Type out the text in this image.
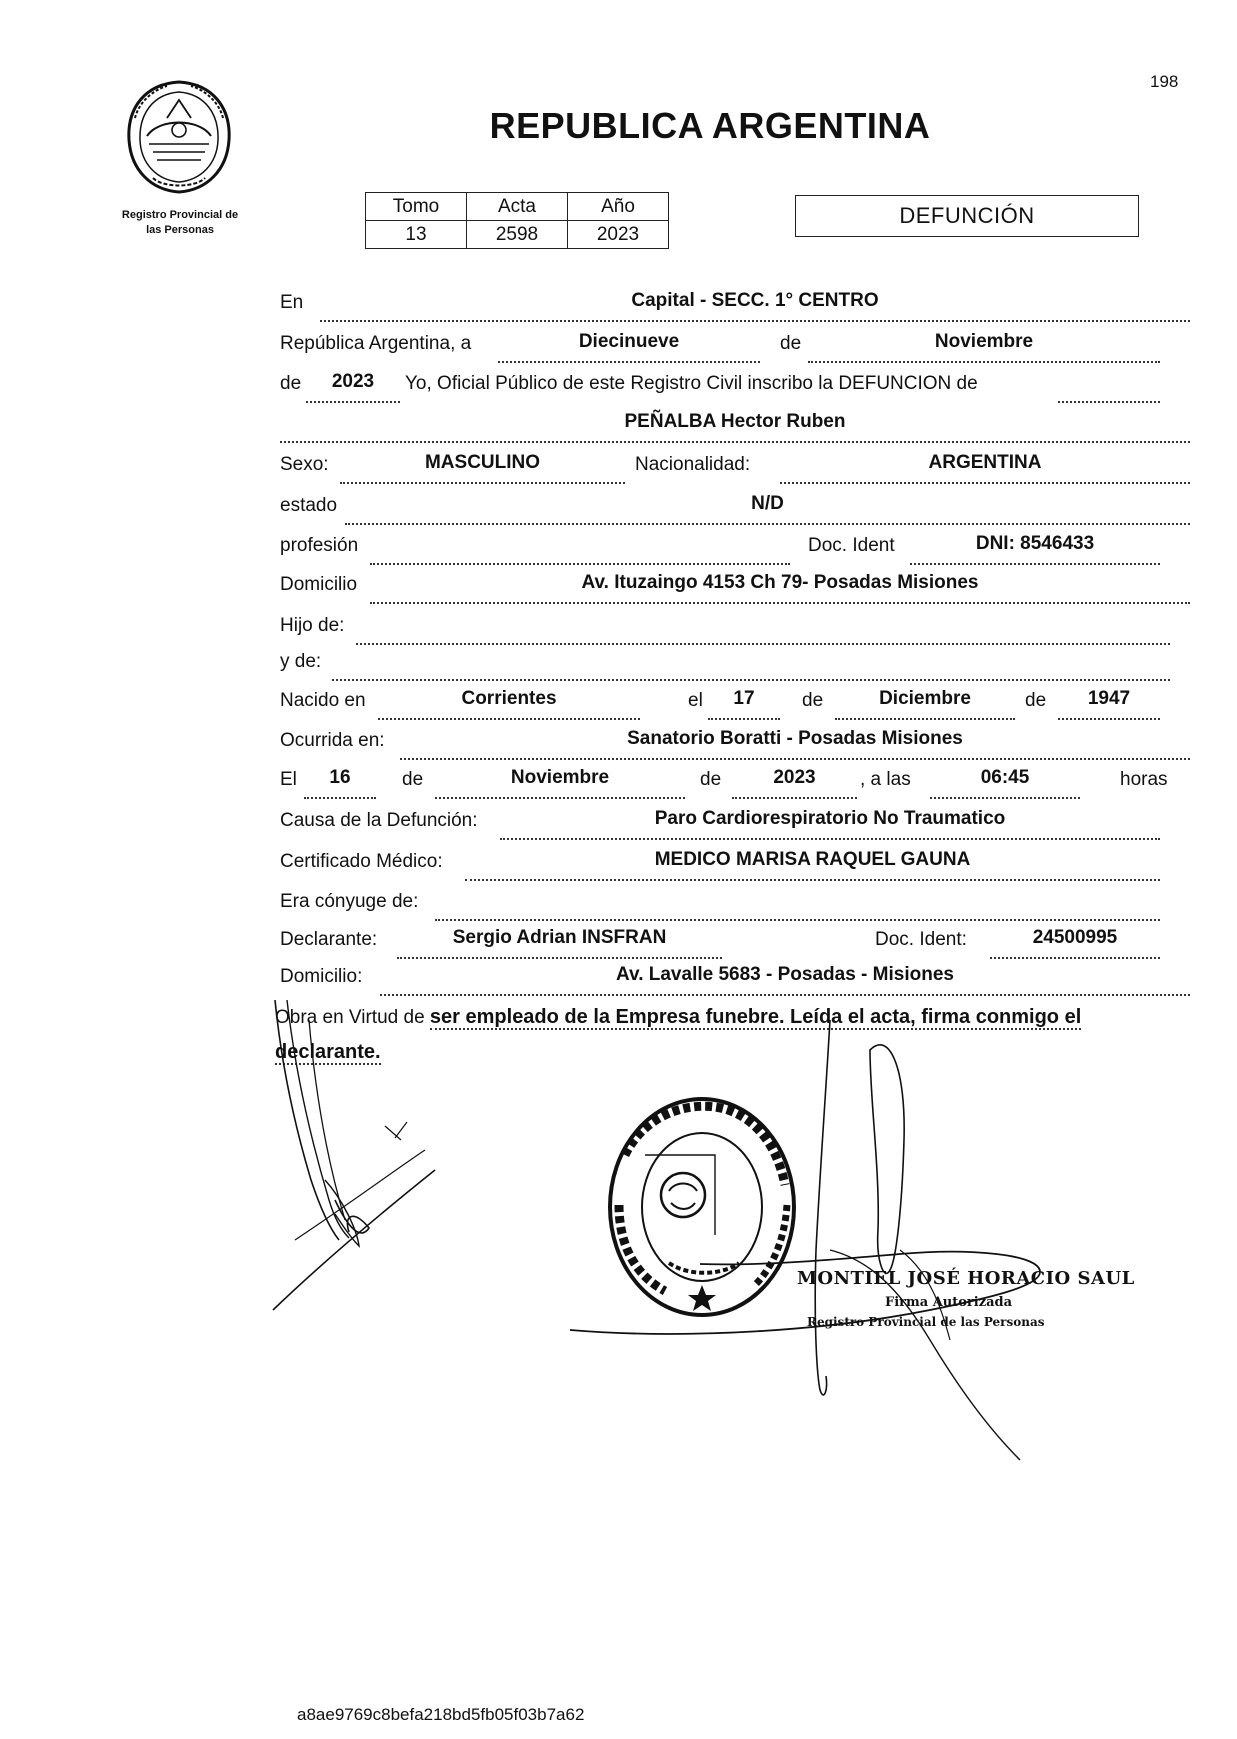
198
Registro Provincial de
las Personas
REPUBLICA ARGENTINA
Tomo	Acta	Año
13	2598	2023
DEFUNCIÓN
En	Capital - SECC. 1° CENTRO
República Argentina, a	Diecinueve	de	Noviembre
de	2023	Yo, Oficial Público de este Registro Civil inscribo la DEFUNCION de
PEÑALBA Hector Ruben
Sexo:	MASCULINO	Nacionalidad:	ARGENTINA
estado	N/D
profesión	Doc. Ident	DNI: 8546433
Domicilio	Av. Ituzaingo 4153 Ch 79- Posadas Misiones
Hijo de:
y de:
Nacido en	Corrientes	el	17	de	Diciembre	de	1947
Ocurrida en:	Sanatorio Boratti - Posadas Misiones
El	16	de	Noviembre	de	2023	, a las	06:45	horas
Causa de la Defunción:	Paro Cardiorespiratorio No Traumatico
Certificado Médico:	MEDICO MARISA RAQUEL GAUNA
Era cónyuge de:
Declarante:	Sergio Adrian INSFRAN	Doc. Ident:	24500995
Domicilio:	Av. Lavalle 5683 - Posadas - Misiones
Obra en Virtud de ser empleado de la Empresa funebre. Leída el acta, firma conmigo el declarante.
MONTIEL JOSÉ HORACIO SAUL
Firma Autorizada
Registro Provincial de las Personas
a8ae9769c8befa218bd5fb05f03b7a62
